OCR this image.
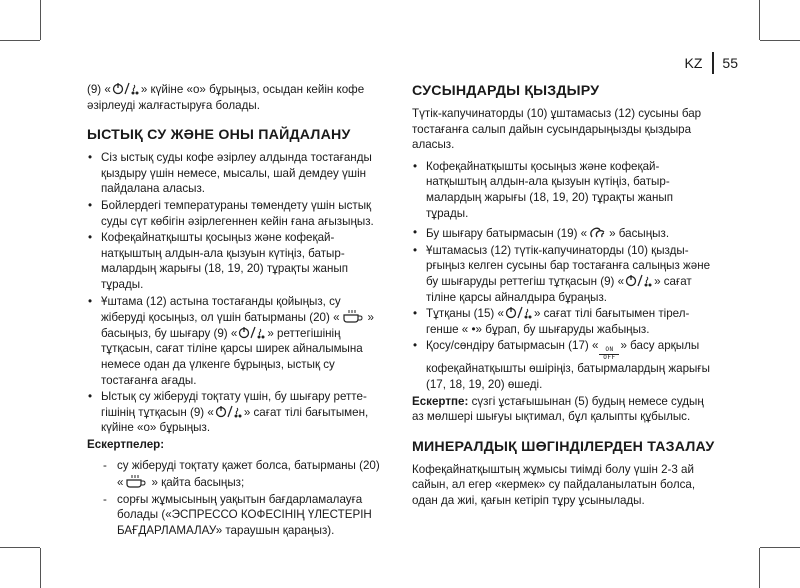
KZ	55

(9) «	» күйіне «о» бұрыңыз, осыдан кейін кофе әзірлеуді жалғастыруға болады.

ЫСТЫҚ СУ ЖӘНЕ ОНЫ ПАЙДАЛАНУ
• Сіз ыстық суды кофе әзірлеу алдында тостағанды қыздыру үшін немесе, мысалы, шай демдеу үшін пайдалана аласыз.
• Бойлердегі температураны төмендету үшін ыстық суды сүт көбігін әзірлегеннен кейін ғана ағызыңыз.
• Кофеқайнатқышты қосыңыз және кофеқай-натқыштың алдын-ала қызуын күтіңіз, батыр-малардың жарығы (18, 19, 20) тұрақты жанып тұрады.
• Ұштама (12) астына тостағанды қойыңыз, су жіберуді қосыңыз, ол үшін батырманы (20) « » басыңыз, бу шығару (9) «	» реттегішінің тұтқасын, сағат тіліне қарсы ширек айналымына немесе одан да үлкенге бұрыңыз, ыстық су тостағанға ағады.
• Ыстық су жіберуді тоқтату үшін, бу шығару ретте-гішінің тұтқасын (9) «	» сағат тілі бағытымен, күйіне «о» бұрыңыз.

Ескертпелер:

- су жіберуді тоқтату қажет болса, батырманы (20) « » қайта басыңыз;
- сорғы жұмысының уақытын бағдарламалауға болады («ЭСПРЕССО КОФЕСІНІҢ ҮЛЕСТЕРІН БАҒДАРЛАМАЛАУ» тараушын қараңыз).
СУСЫНДАРДЫ ҚЫЗДЫРУ

Түтік-капучинаторды (10) ұштамасыз (12) сусыны бар тостағанға салып дайын сусындарыңызды қыздыра аласыз.

• Кофеқайнатқышты қосыңыз және кофеқай-натқыштың алдын-ала қызуын күтіңіз, батыр-малардың жарығы (18, 19, 20) тұрақты жанып тұрады.
• Бу шығару батырмасын (19) « » басыңыз.
• Ұштамасыз (12) түтік-капучинаторды (10) қызды-рғыңыз келген сусыны бар тостағанға салыңыз және бу шығаруды реттегіш тұтқасын (9) «	» сағат тіліне қарсы айналдыра бұраңыз.
• Тұтқаны (15) «	» сағат тілі бағытымен тірел-генше « •» бұрап, бу шығаруды жабыңыз.
• Қосу/сөндіру батырмасын (17) « ON
OFF
» басу арқылы кофеқайнатқышты өшіріңіз, батырмалардың жарығы (17, 18, 19, 20) өшеді.

Ескертпе: сүзгі ұстағышынан (5) будың немесе судың аз мөлшері шығуы ықтимал, бұл қалыпты құбылыс.

МИНЕРАЛДЫҚ ШӨГІНДІЛЕРДЕН ТАЗАЛАУ

Кофеқайнатқыштың жұмысы тиімді болу үшін 2-3 ай сайын, ал егер «кермек» су пайдаланылатын болса, одан да жиі, қағын кетіріп тұру ұсынылады.
